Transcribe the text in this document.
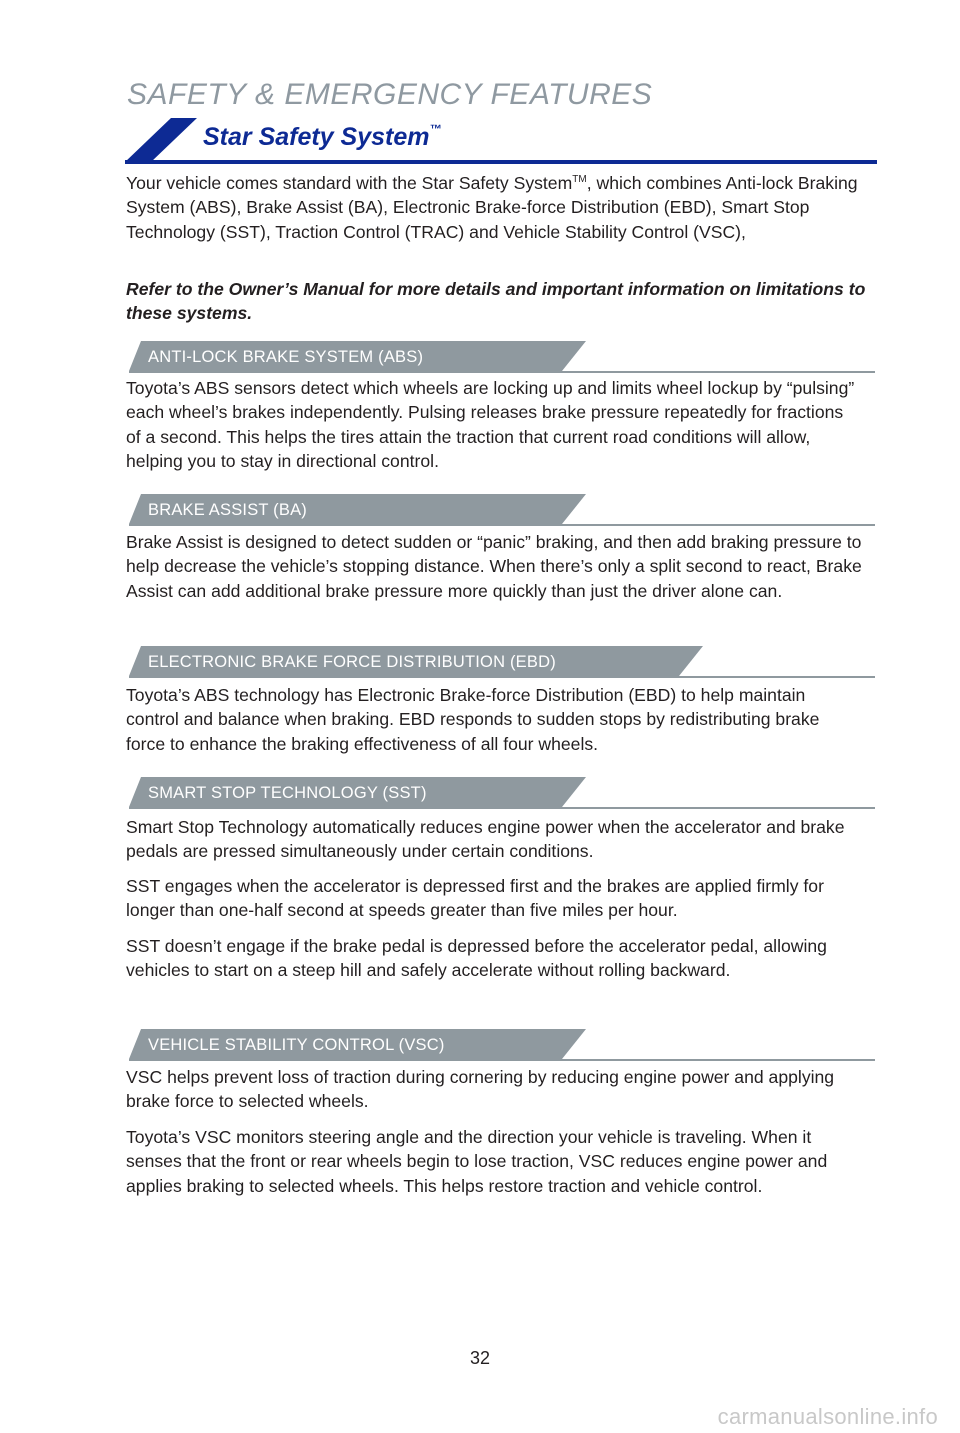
SAFETY & EMERGENCY FEATURES
Star Safety System™

Your vehicle comes standard with the Star Safety System™, which combines Anti-lock Braking System (ABS), Brake Assist (BA), Electronic Brake-force Distribution (EBD), Smart Stop Technology (SST), Traction Control (TRAC) and Vehicle Stability Control (VSC),

Refer to the Owner’s Manual for more details and important information on limitations to these systems.

ANTI-LOCK BRAKE SYSTEM (ABS)

Toyota’s ABS sensors detect which wheels are locking up and limits wheel lockup by “pulsing” each wheel’s brakes independently. Pulsing releases brake pressure repeatedly for fractions of a second. This helps the tires attain the traction that current road conditions will allow, helping you to stay in directional control.

BRAKE ASSIST (BA)

Brake Assist is designed to detect sudden or “panic” braking, and then add braking pressure to help decrease the vehicle’s stopping distance. When there’s only a split second to react, Brake Assist can add additional brake pressure more quickly than just the driver alone can.

ELECTRONIC BRAKE FORCE DISTRIBUTION (EBD)

Toyota’s ABS technology has Electronic Brake-force Distribution (EBD) to help maintain control and balance when braking. EBD responds to sudden stops by redistributing brake force to enhance the braking effectiveness of all four wheels.

SMART STOP TECHNOLOGY (SST)

Smart Stop Technology automatically reduces engine power when the accelerator and brake pedals are pressed simultaneously under certain conditions.

SST engages when the accelerator is depressed first and the brakes are applied firmly for longer than one-half second at speeds greater than five miles per hour.

SST doesn’t engage if the brake pedal is depressed before the accelerator pedal, allowing vehicles to start on a steep hill and safely accelerate without rolling backward.

VEHICLE STABILITY CONTROL (VSC)

VSC helps prevent loss of traction during cornering by reducing engine power and applying brake force to selected wheels.

Toyota’s VSC monitors steering angle and the direction your vehicle is traveling. When it senses that the front or rear wheels begin to lose traction, VSC reduces engine power and applies braking to selected wheels. This helps restore traction and vehicle control.

32
carmanualsonline.info
